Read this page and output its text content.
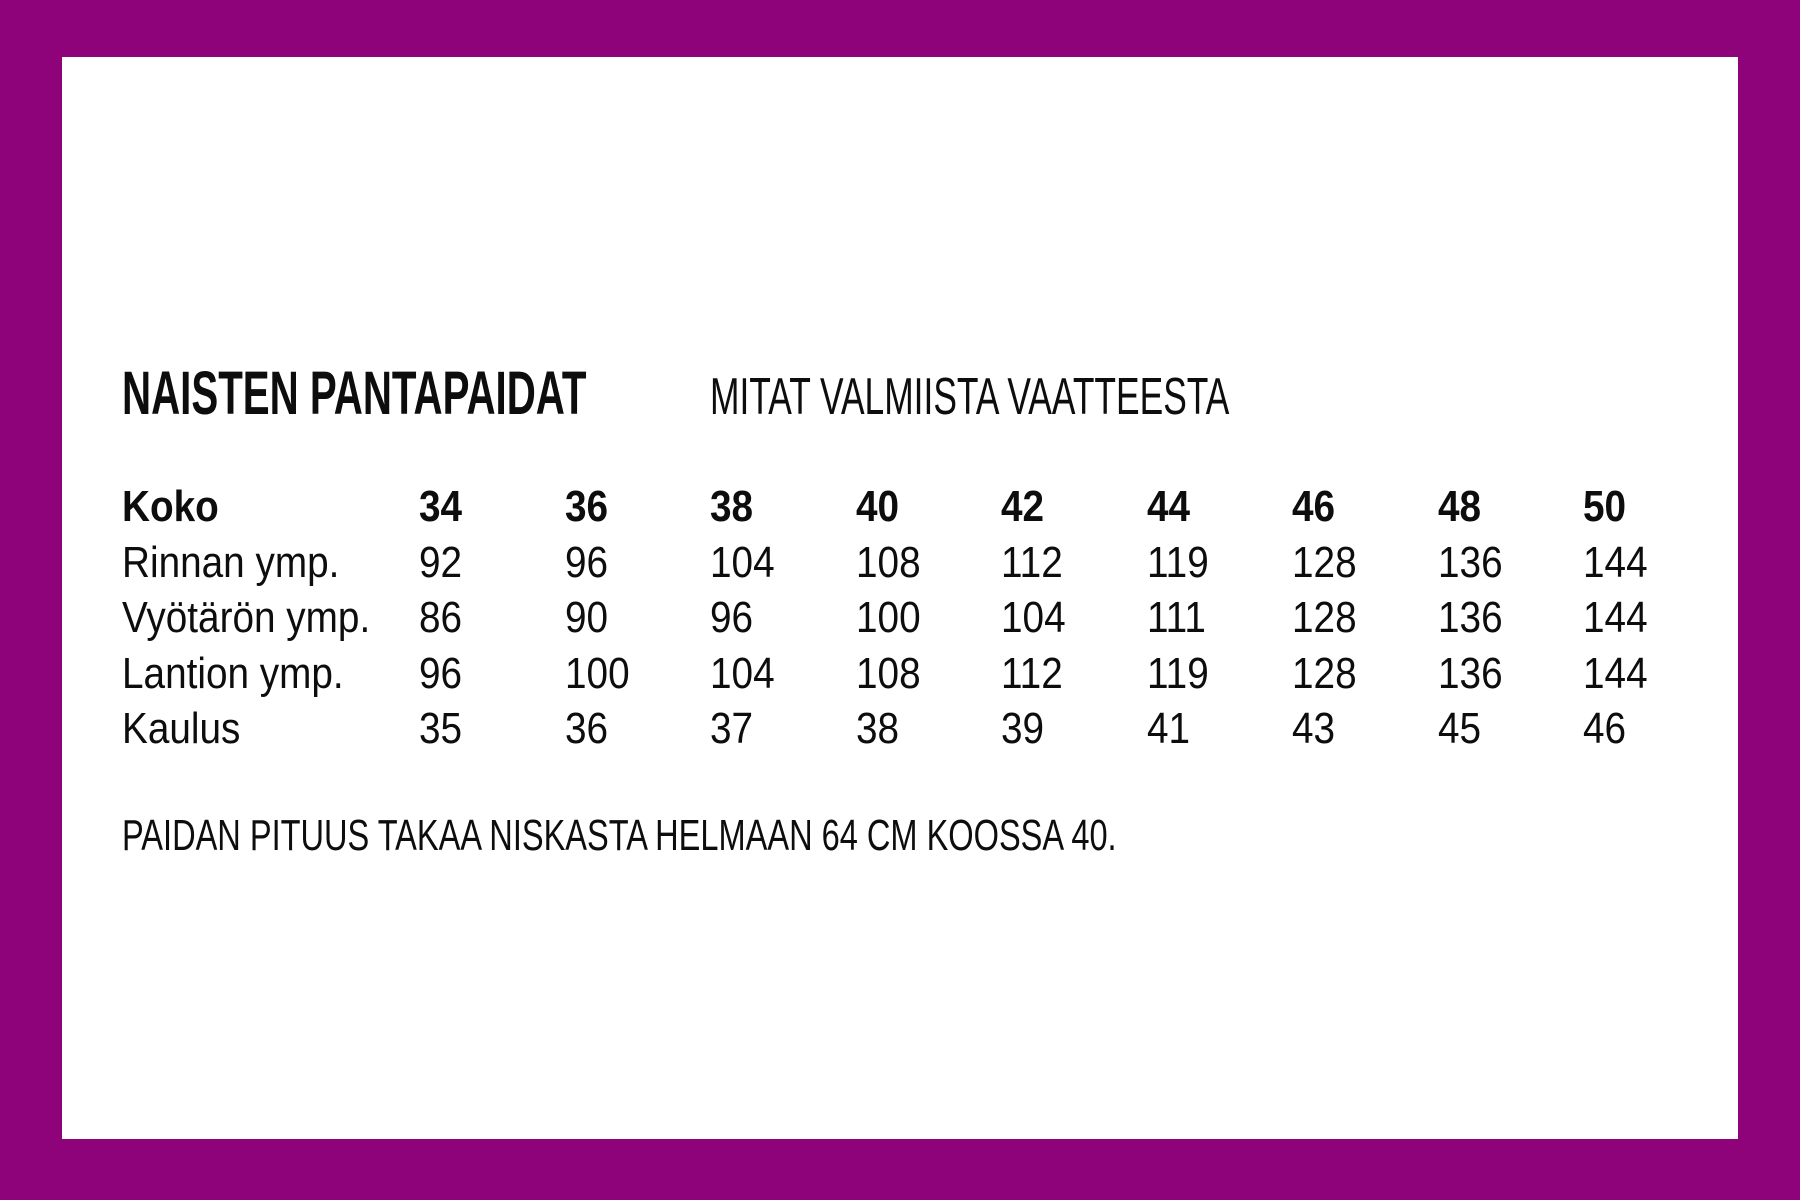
NAISTEN PANTAPAIDAT MITAT VALMIISTA VAATTEESTA
Koko	34	36	38	40	42	44	46	48	50
Rinnan ymp.	92	96	104	108	112	119	128	136	144
Vyötärön ymp. 86	90	96	100	104	111	128	136	144
Lantion ymp.	96	100	104	108	112	119	128	136	144
Kaulus	35	36	37	38	39	41	43	45	46
PAIDAN PITUUS TAKAA NISKASTA HELMAAN 64 CM KOOSSA 40.
